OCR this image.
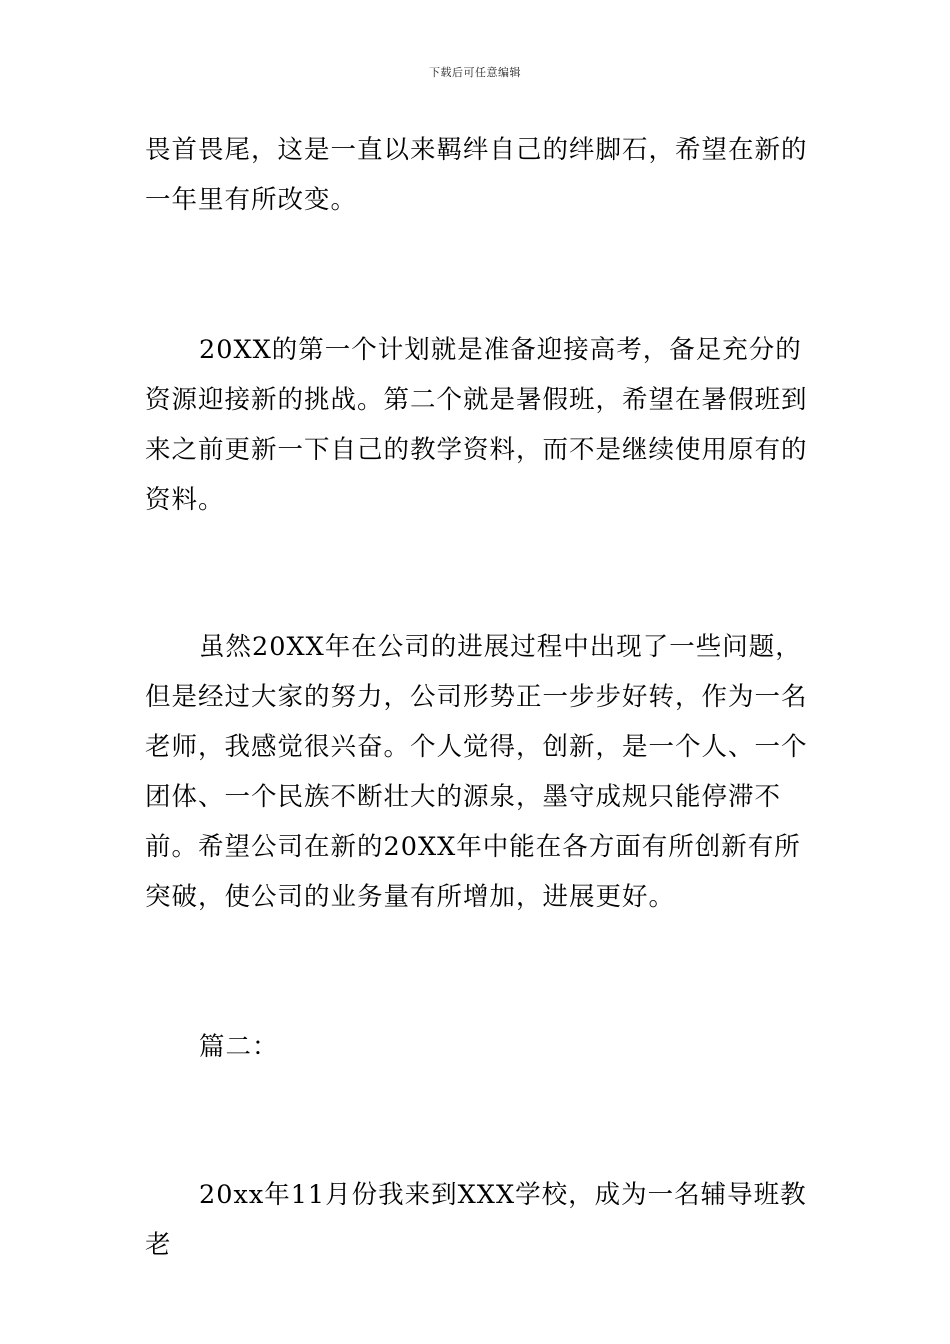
下载后可任意编辑

畏首畏尾，这是一直以来羁绊自己的绊脚石，希望在新的一年里有所改变。

20XX的第一个计划就是准备迎接高考，备足充分的资源迎接新的挑战。第二个就是暑假班，希望在暑假班到来之前更新一下自己的教学资料，而不是继续使用原有的资料。

虽然20XX年在公司的进展过程中出现了一些问题，但是经过大家的努力，公司形势正一步步好转，作为一名老师，我感觉很兴奋。个人觉得，创新，是一个人、一个团体、一个民族不断壮大的源泉，墨守成规只能停滞不前。希望公司在新的20XX年中能在各方面有所创新有所突破，使公司的业务量有所增加，进展更好。

篇二：

20xx年11月份我来到XXX学校，成为一名辅导班教老
